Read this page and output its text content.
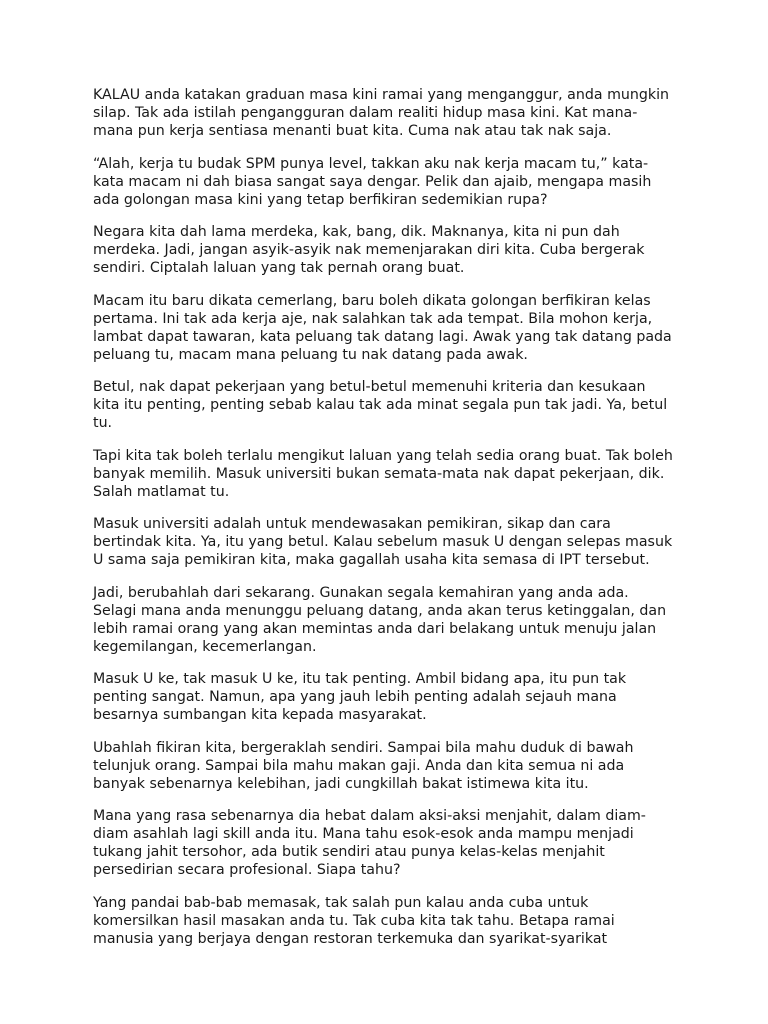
KALAU anda katakan graduan masa kini ramai yang menganggur, anda mungkin
silap. Tak ada istilah pengangguran dalam realiti hidup masa kini. Kat mana-
mana pun kerja sentiasa menanti buat kita. Cuma nak atau tak nak saja.

“Alah, kerja tu budak SPM punya level, takkan aku nak kerja macam tu,” kata-
kata macam ni dah biasa sangat saya dengar. Pelik dan ajaib, mengapa masih
ada golongan masa kini yang tetap berfikiran sedemikian rupa?

Negara kita dah lama merdeka, kak, bang, dik. Maknanya, kita ni pun dah
merdeka. Jadi, jangan asyik-asyik nak memenjarakan diri kita. Cuba bergerak
sendiri. Ciptalah laluan yang tak pernah orang buat.

Macam itu baru dikata cemerlang, baru boleh dikata golongan berfikiran kelas
pertama. Ini tak ada kerja aje, nak salahkan tak ada tempat. Bila mohon kerja,
lambat dapat tawaran, kata peluang tak datang lagi. Awak yang tak datang pada
peluang tu, macam mana peluang tu nak datang pada awak.

Betul, nak dapat pekerjaan yang betul-betul memenuhi kriteria dan kesukaan
kita itu penting, penting sebab kalau tak ada minat segala pun tak jadi. Ya, betul
tu.

Tapi kita tak boleh terlalu mengikut laluan yang telah sedia orang buat. Tak boleh
banyak memilih. Masuk universiti bukan semata-mata nak dapat pekerjaan, dik.
Salah matlamat tu.

Masuk universiti adalah untuk mendewasakan pemikiran, sikap dan cara
bertindak kita. Ya, itu yang betul. Kalau sebelum masuk U dengan selepas masuk
U sama saja pemikiran kita, maka gagallah usaha kita semasa di IPT tersebut.

Jadi, berubahlah dari sekarang. Gunakan segala kemahiran yang anda ada.
Selagi mana anda menunggu peluang datang, anda akan terus ketinggalan, dan
lebih ramai orang yang akan memintas anda dari belakang untuk menuju jalan
kegemilangan, kecemerlangan.

Masuk U ke, tak masuk U ke, itu tak penting. Ambil bidang apa, itu pun tak
penting sangat. Namun, apa yang jauh lebih penting adalah sejauh mana
besarnya sumbangan kita kepada masyarakat.

Ubahlah fikiran kita, bergeraklah sendiri. Sampai bila mahu duduk di bawah
telunjuk orang. Sampai bila mahu makan gaji. Anda dan kita semua ni ada
banyak sebenarnya kelebihan, jadi cungkillah bakat istimewa kita itu.

Mana yang rasa sebenarnya dia hebat dalam aksi-aksi menjahit, dalam diam-
diam asahlah lagi skill anda itu. Mana tahu esok-esok anda mampu menjadi
tukang jahit tersohor, ada butik sendiri atau punya kelas-kelas menjahit
persedirian secara profesional. Siapa tahu?

Yang pandai bab-bab memasak, tak salah pun kalau anda cuba untuk
komersilkan hasil masakan anda tu. Tak cuba kita tak tahu. Betapa ramai
manusia yang berjaya dengan restoran terkemuka dan syarikat-syarikat
